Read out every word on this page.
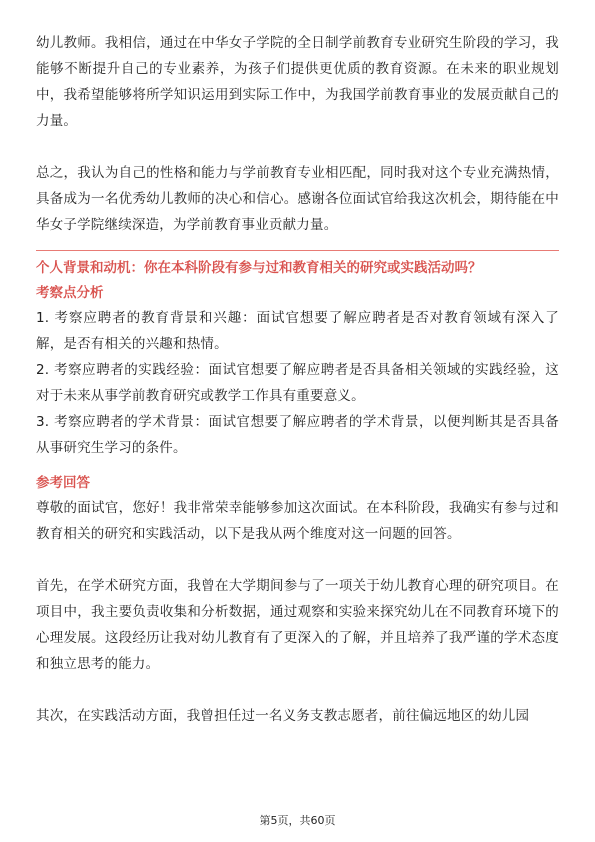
幼儿教师。我相信，通过在中华女子学院的全日制学前教育专业研究生阶段的学习，我能够不断提升自己的专业素养，为孩子们提供更优质的教育资源。在未来的职业规划中，我希望能够将所学知识运用到实际工作中，为我国学前教育事业的发展贡献自己的力量。

总之，我认为自己的性格和能力与学前教育专业相匹配，同时我对这个专业充满热情，具备成为一名优秀幼儿教师的决心和信心。感谢各位面试官给我这次机会，期待能在中华女子学院继续深造，为学前教育事业贡献力量。

个人背景和动机：你在本科阶段有参与过和教育相关的研究或实践活动吗？
考察点分析

1. 考察应聘者的教育背景和兴趣：面试官想要了解应聘者是否对教育领域有深入了解，是否有相关的兴趣和热情。

2. 考察应聘者的实践经验：面试官想要了解应聘者是否具备相关领域的实践经验，这对于未来从事学前教育研究或教学工作具有重要意义。

3. 考察应聘者的学术背景：面试官想要了解应聘者的学术背景，以便判断其是否具备从事研究生学习的条件。

参考回答

尊敬的面试官，您好！我非常荣幸能够参加这次面试。在本科阶段，我确实有参与过和教育相关的研究和实践活动，以下是我从两个维度对这一问题的回答。

首先，在学术研究方面，我曾在大学期间参与了一项关于幼儿教育心理的研究项目。在项目中，我主要负责收集和分析数据，通过观察和实验来探究幼儿在不同教育环境下的心理发展。这段经历让我对幼儿教育有了更深入的了解，并且培养了我严谨的学术态度和独立思考的能力。

其次，在实践活动方面，我曾担任过一名义务支教志愿者，前往偏远地区的幼儿园

第5页，共60页
